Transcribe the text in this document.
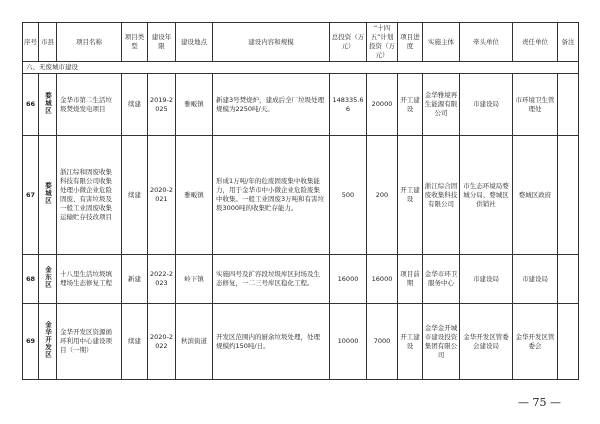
序号	市县	项目名称	项目类型	建设年限	建设地点	建设内容和规模	总投资（万元）	“十四五”计划投资（万元）	项目进度	实施主体	牵头单位	责任单位	备注
六、无废城市建设													
66	婺城区	金华市第二生活垃圾焚烧发电项目	续建	2019-2025	雅畈镇	新建3号焚烧炉，建成后全厂垃圾处理规模为2250吨/天。	148335.66	20000	开工建设	金华雅境再生能源有限公司	市建设局	市环境卫生管理处	
67	婺城区	浙江综和固废收集科技有限公司收集处理小微企业危险固废、有害垃圾及一般工业固废收集运输贮存技改项目	续建	2020-2021	雅畈镇	形成1万吨/年的危废固废集中收集能力，用于金华市中小微企业危险废集中收集。一般工业固废3万吨和有害垃圾3000吨的收集贮存能力。	500	200	开工建设	浙江综合固废收集科技有限公司	市生态环境局婺城分局、婺城区供销社	婺城区政府	
68	金东区	十八里生活垃圾填埋场生态修复工程	新建	2022-2023	岭下镇	实施四号及扩容段垃圾库区封场及生态修复，一二三号库区稳化工程。	16000	16000	项目前期	金华市环卫服务中心	市建设局	市建设局	
69	金华开发区	金华开发区资源循环利用中心建设项目（一期）	续建	2020-2022	秋滨街道	开发区范围内的厨余垃圾处理，处理规模约150吨/日。	10000	7000	开工建设	金华金开城市建设投资集团有限公司	金华开发区管委会建设局	金华开发区管委会	
— 75 —
